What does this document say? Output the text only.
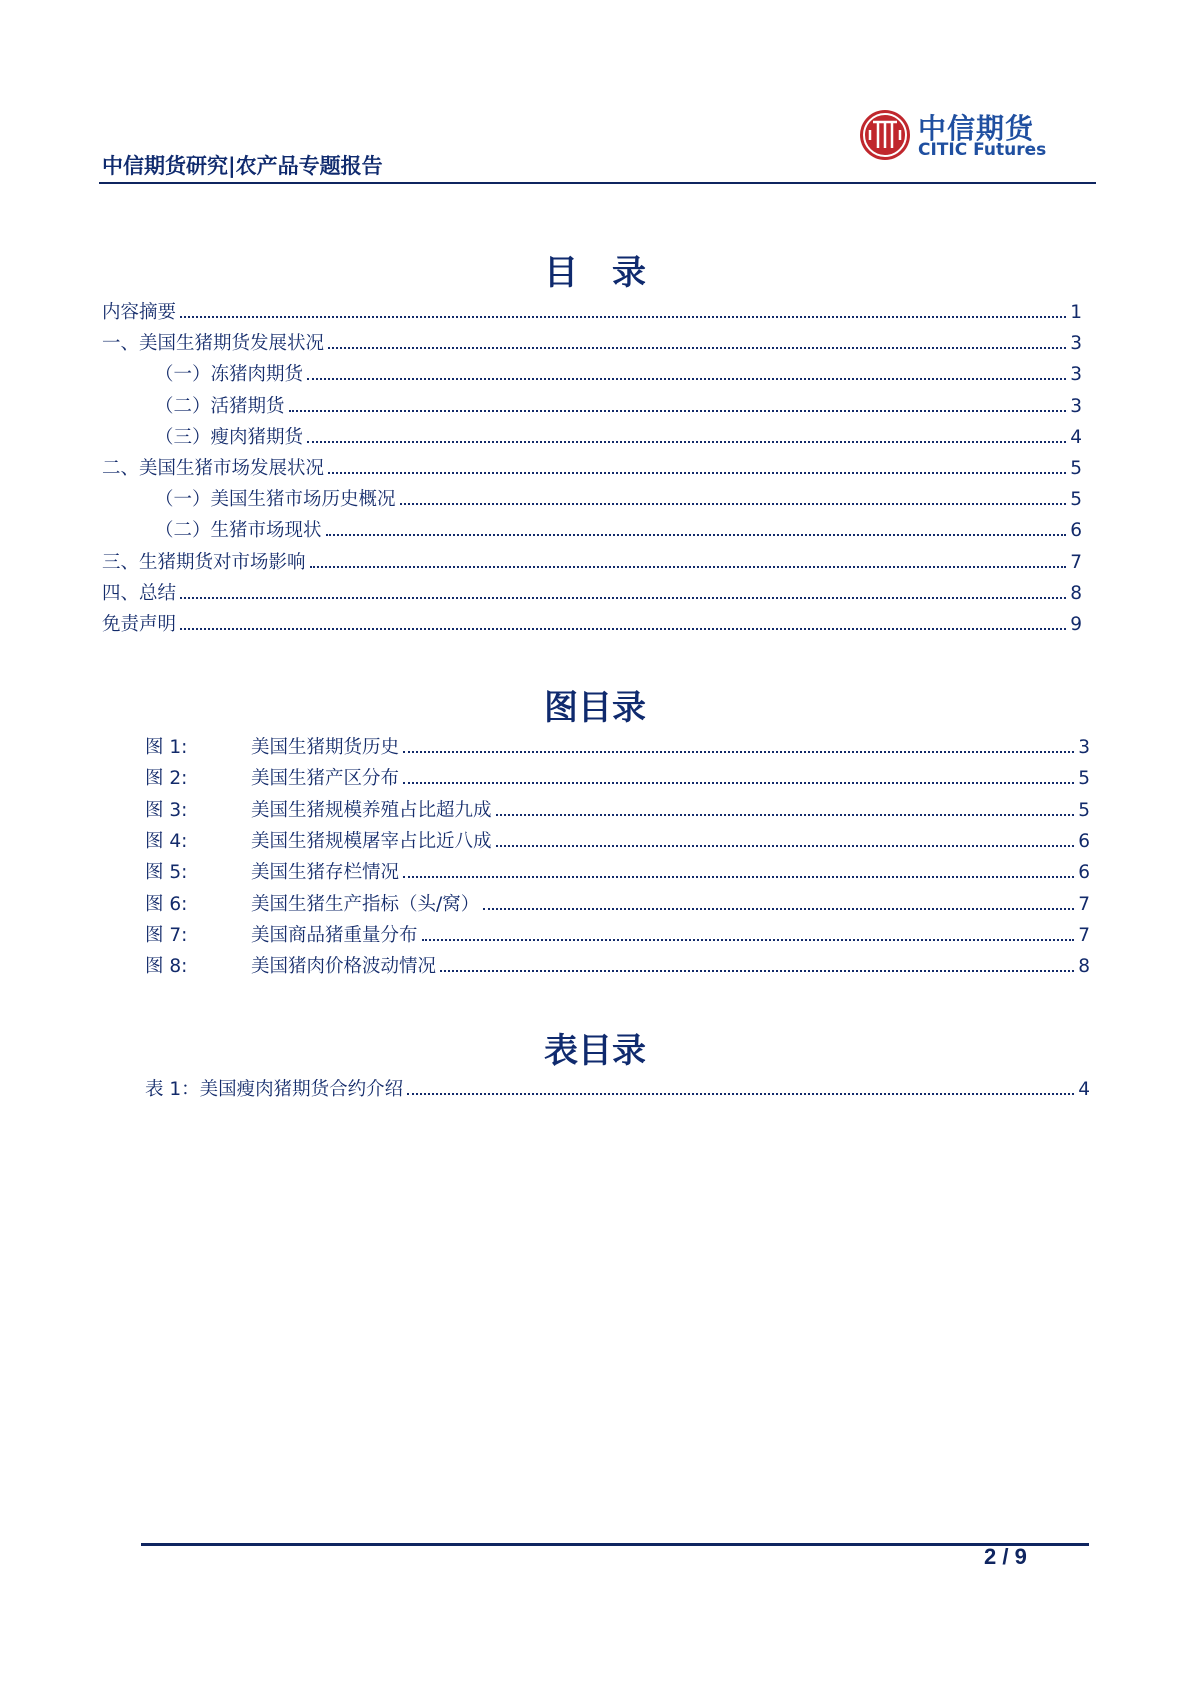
中信期货研究|农产品专题报告
中信期货
CITIC Futures
目　录
内容摘要	1
一、美国生猪期货发展状况	3
（一）冻猪肉期货	3
（二）活猪期货	3
（三）瘦肉猪期货	4
二、美国生猪市场发展状况	5
（一）美国生猪市场历史概况	5
（二）生猪市场现状	6
三、生猪期货对市场影响	7
四、总结	8
免责声明	9
图目录
图 1:	美国生猪期货历史	3
图 2:	美国生猪产区分布	5
图 3:	美国生猪规模养殖占比超九成	5
图 4:	美国生猪规模屠宰占比近八成	6
图 5:	美国生猪存栏情况	6
图 6:	美国生猪生产指标（头/窝）	7
图 7:	美国商品猪重量分布	7
图 8:	美国猪肉价格波动情况	8
表目录
表 1：美国瘦肉猪期货合约介绍	4
2 / 9
